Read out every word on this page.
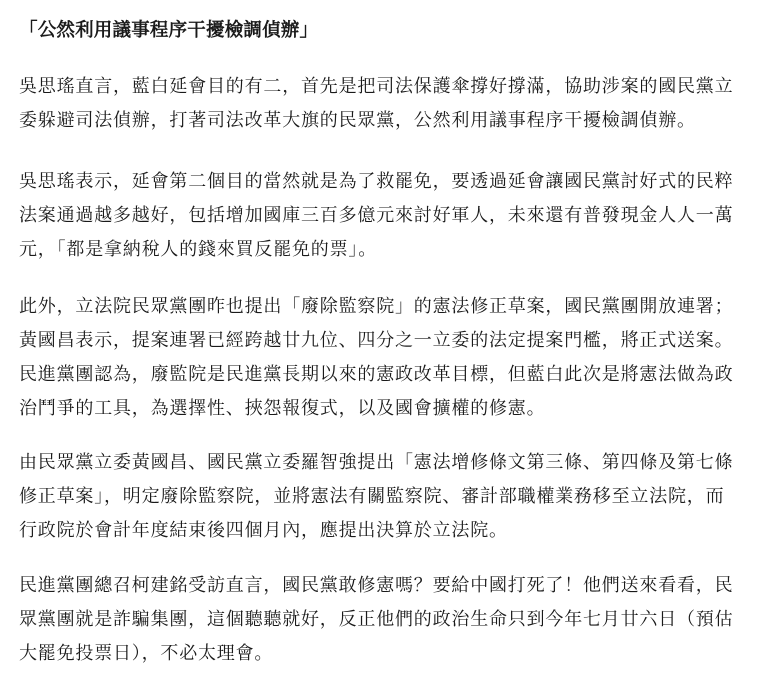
「公然利用議事程序干擾檢調偵辦」

吳思瑤直言，藍白延會目的有二，首先是把司法保護傘撐好撐滿，協助涉案的國民黨立
委躲避司法偵辦，打著司法改革大旗的民眾黨，公然利用議事程序干擾檢調偵辦。

吳思瑤表示，延會第二個目的當然就是為了救罷免，要透過延會讓國民黨討好式的民粹
法案通過越多越好，包括增加國庫三百多億元來討好軍人，未來還有普發現金人人一萬
元，「都是拿納稅人的錢來買反罷免的票」。

此外，立法院民眾黨團昨也提出「廢除監察院」的憲法修正草案，國民黨團開放連署；
黃國昌表示，提案連署已經跨越廿九位、四分之一立委的法定提案門檻，將正式送案。
民進黨團認為，廢監院是民進黨長期以來的憲政改革目標，但藍白此次是將憲法做為政
治鬥爭的工具，為選擇性、挾怨報復式，以及國會擴權的修憲。

由民眾黨立委黃國昌、國民黨立委羅智強提出「憲法增修條文第三條、第四條及第七條
修正草案」，明定廢除監察院，並將憲法有關監察院、審計部職權業務移至立法院，而
行政院於會計年度結束後四個月內，應提出決算於立法院。

民進黨團總召柯建銘受訪直言，國民黨敢修憲嗎？要給中國打死了！他們送來看看，民
眾黨團就是詐騙集團，這個聽聽就好，反正他們的政治生命只到今年七月廿六日（預估
大罷免投票日），不必太理會。
